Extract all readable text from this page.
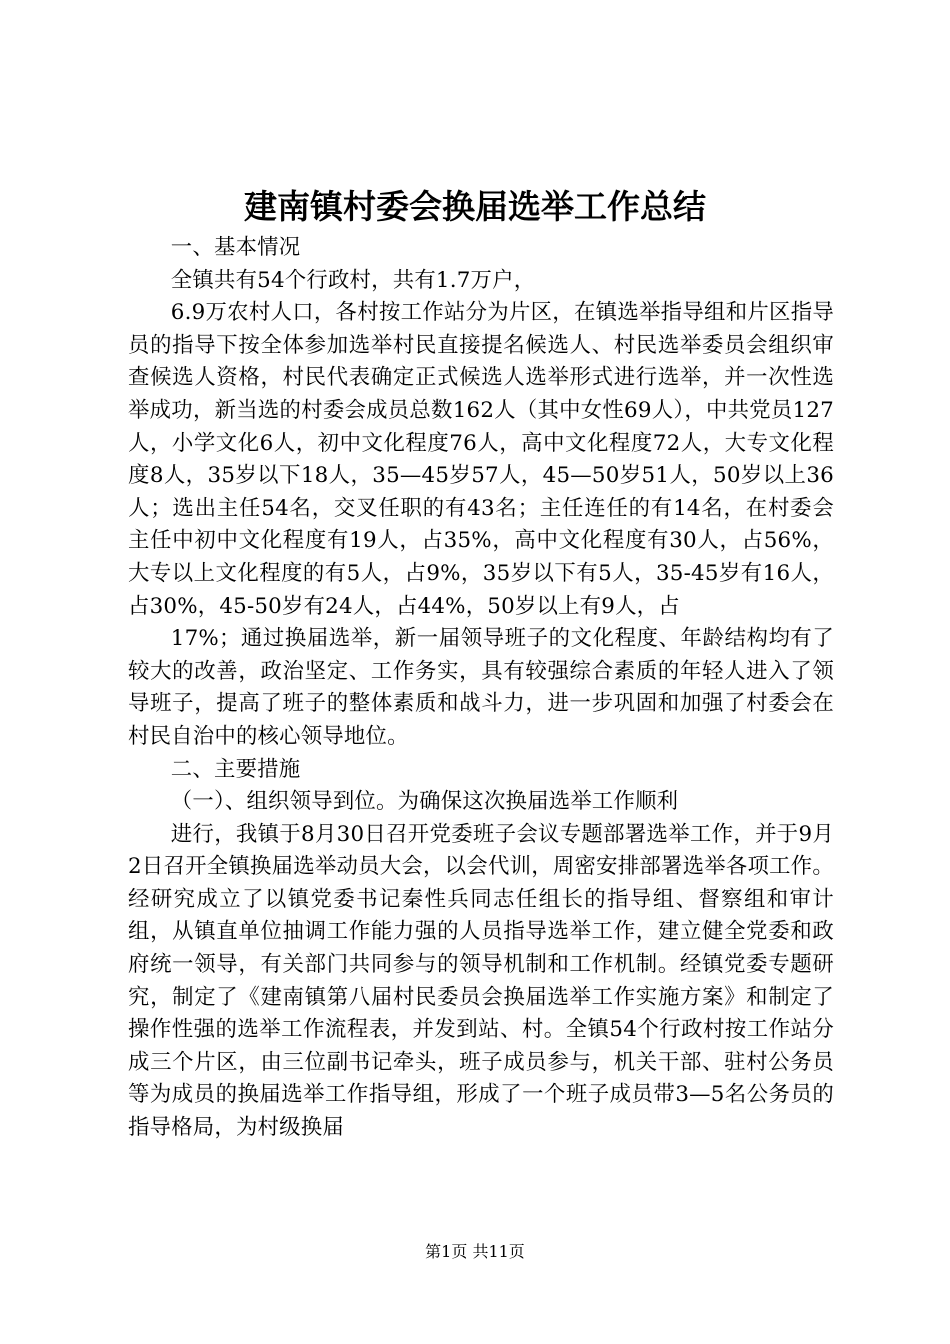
建南镇村委会换届选举工作总结

一、基本情况

全镇共有54个行政村，共有1.7万户，

6.9万农村人口，各村按工作站分为片区，在镇选举指导组和片区指导员的指导下按全体参加选举村民直接提名候选人、村民选举委员会组织审查候选人资格，村民代表确定正式候选人选举形式进行选举，并一次性选举成功，新当选的村委会成员总数162人（其中女性69人），中共党员127人，小学文化6人，初中文化程度76人，高中文化程度72人，大专文化程度8人，35岁以下18人，35—45岁57人，45—50岁51人，50岁以上36人；选出主任54名，交叉任职的有43名；主任连任的有14名，在村委会主任中初中文化程度有19人，占35%，高中文化程度有30人，占56%，大专以上文化程度的有5人，占9%，35岁以下有5人，35-45岁有16人，占30%，45-50岁有24人，占44%，50岁以上有9人，占

17%；通过换届选举，新一届领导班子的文化程度、年龄结构均有了较大的改善，政治坚定、工作务实，具有较强综合素质的年轻人进入了领导班子，提高了班子的整体素质和战斗力，进一步巩固和加强了村委会在村民自治中的核心领导地位。

二、主要措施

（一）、组织领导到位。为确保这次换届选举工作顺利

进行，我镇于8月30日召开党委班子会议专题部署选举工作，并于9月2日召开全镇换届选举动员大会，以会代训，周密安排部署选举各项工作。经研究成立了以镇党委书记秦性兵同志任组长的指导组、督察组和审计组，从镇直单位抽调工作能力强的人员指导选举工作，建立健全党委和政府统一领导，有关部门共同参与的领导机制和工作机制。经镇党委专题研究，制定了《建南镇第八届村民委员会换届选举工作实施方案》和制定了操作性强的选举工作流程表，并发到站、村。全镇54个行政村按工作站分成三个片区，由三位副书记牵头，班子成员参与，机关干部、驻村公务员等为成员的换届选举工作指导组，形成了一个班子成员带3—5名公务员的指导格局，为村级换届

第1页 共11页
